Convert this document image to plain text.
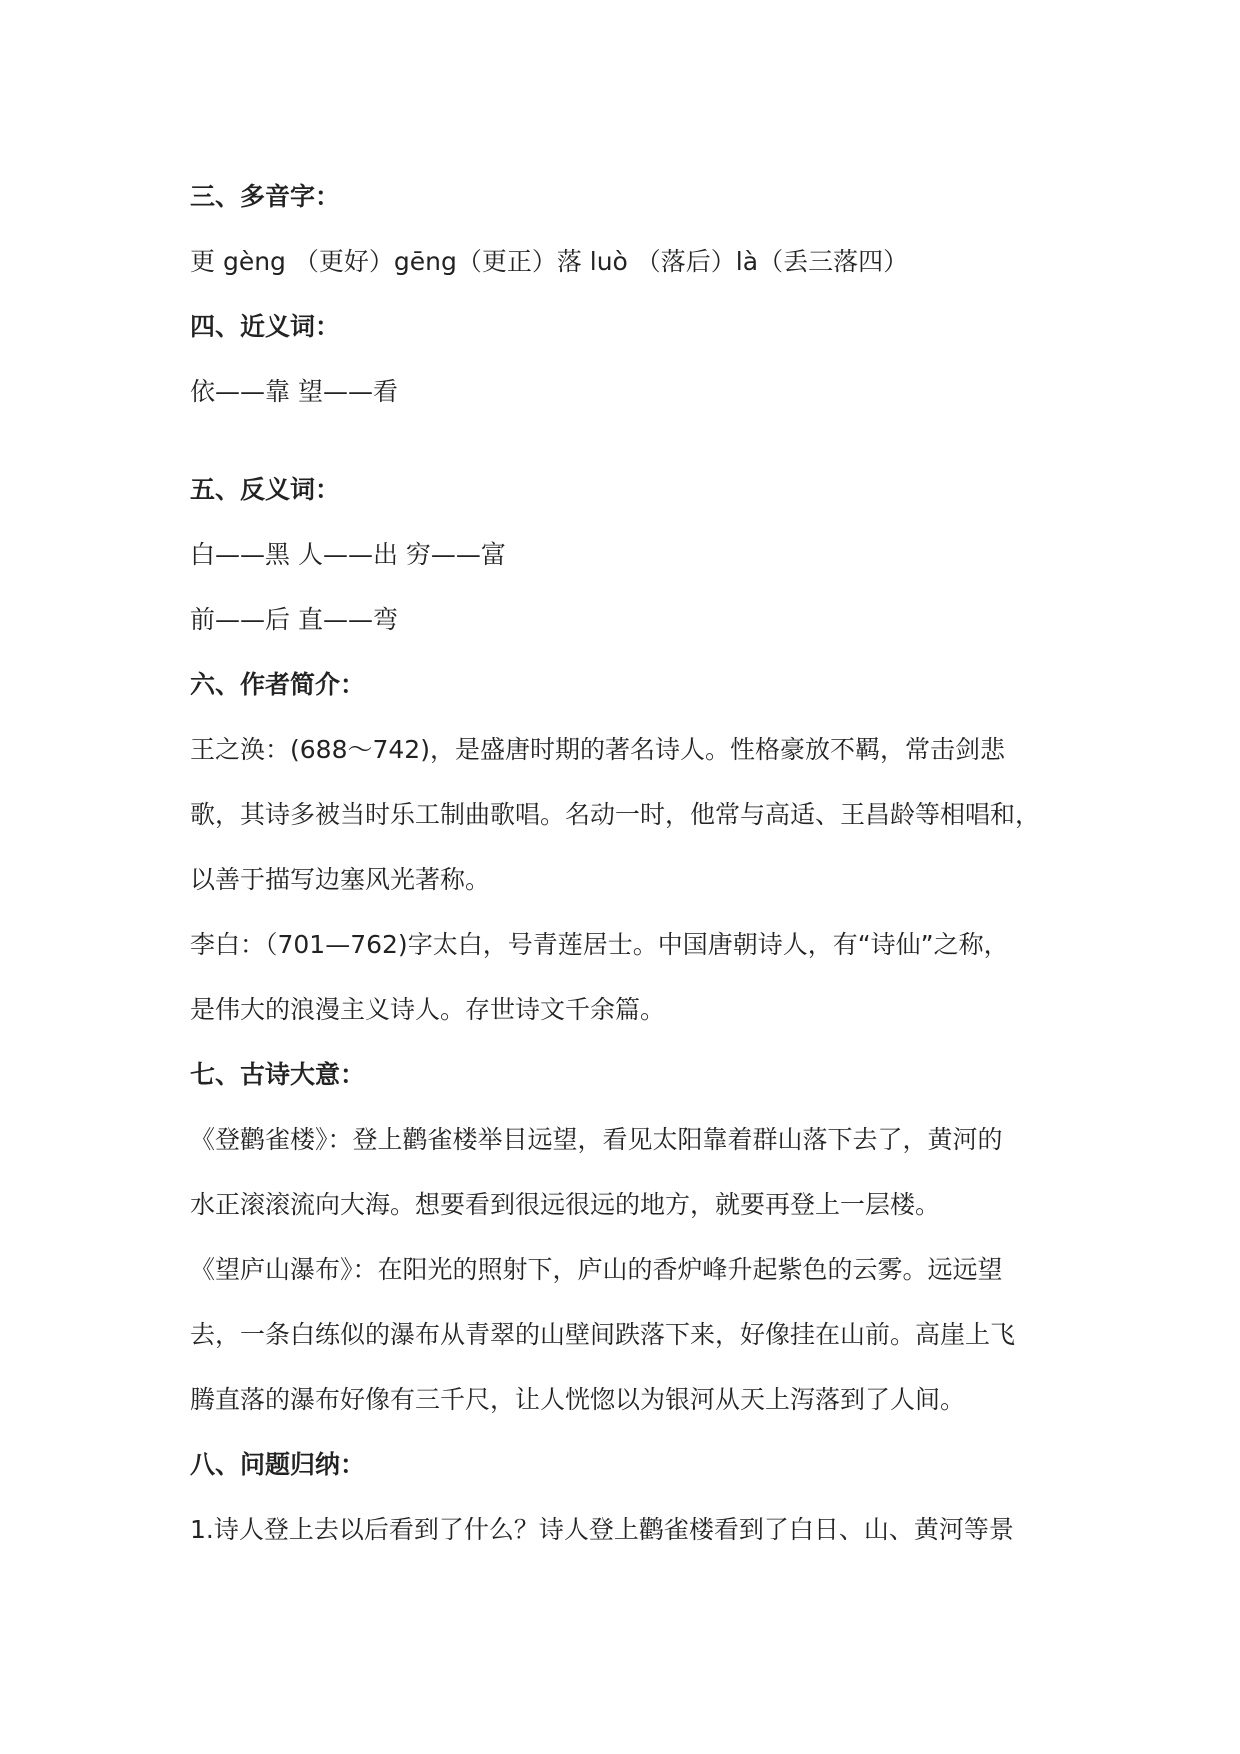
三、多音字：
更 gèng （更好）gēng（更正）落 luò （落后）là（丢三落四）
四、近义词：
依——靠 望——看
五、反义词：
白——黑 人——出 穷——富
前——后 直——弯
六、作者简介：
王之涣：(688～742)，是盛唐时期的著名诗人。性格豪放不羁，常击剑悲
歌，其诗多被当时乐工制曲歌唱。名动一时，他常与高适、王昌龄等相唱和，
以善于描写边塞风光著称。
李白：（701—762)字太白，号青莲居士。中国唐朝诗人，有“诗仙”之称，
是伟大的浪漫主义诗人。存世诗文千余篇。
七、古诗大意：
《登鹳雀楼》：登上鹳雀楼举目远望，看见太阳靠着群山落下去了，黄河的
水正滚滚流向大海。想要看到很远很远的地方，就要再登上一层楼。
《望庐山瀑布》：在阳光的照射下，庐山的香炉峰升起紫色的云雾。远远望
去，一条白练似的瀑布从青翠的山壁间跌落下来，好像挂在山前。高崖上飞
腾直落的瀑布好像有三千尺，让人恍惚以为银河从天上泻落到了人间。
八、问题归纳：
1.诗人登上去以后看到了什么？诗人登上鹳雀楼看到了白日、山、黄河等景
